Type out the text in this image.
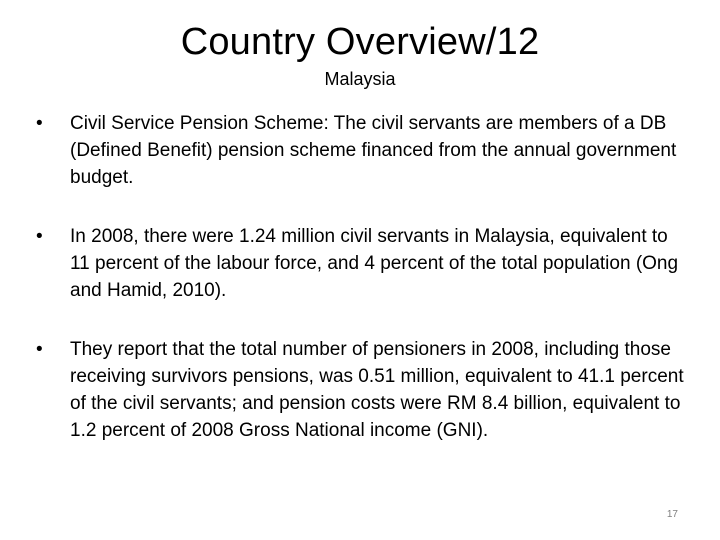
Country Overview/12
Malaysia
•	Civil Service Pension Scheme: The civil servants are members of a DB (Defined Benefit) pension scheme financed from the annual government budget.
•	In 2008, there were 1.24 million civil servants in Malaysia, equivalent to 11 percent of the labour force, and 4 percent of the total population (Ong and Hamid, 2010).
•	They report that the total number of pensioners in 2008, including those receiving survivors pensions, was 0.51 million, equivalent to 41.1 percent of the civil servants; and pension costs were RM 8.4 billion, equivalent to 1.2 percent of 2008 Gross National income (GNI).
17
